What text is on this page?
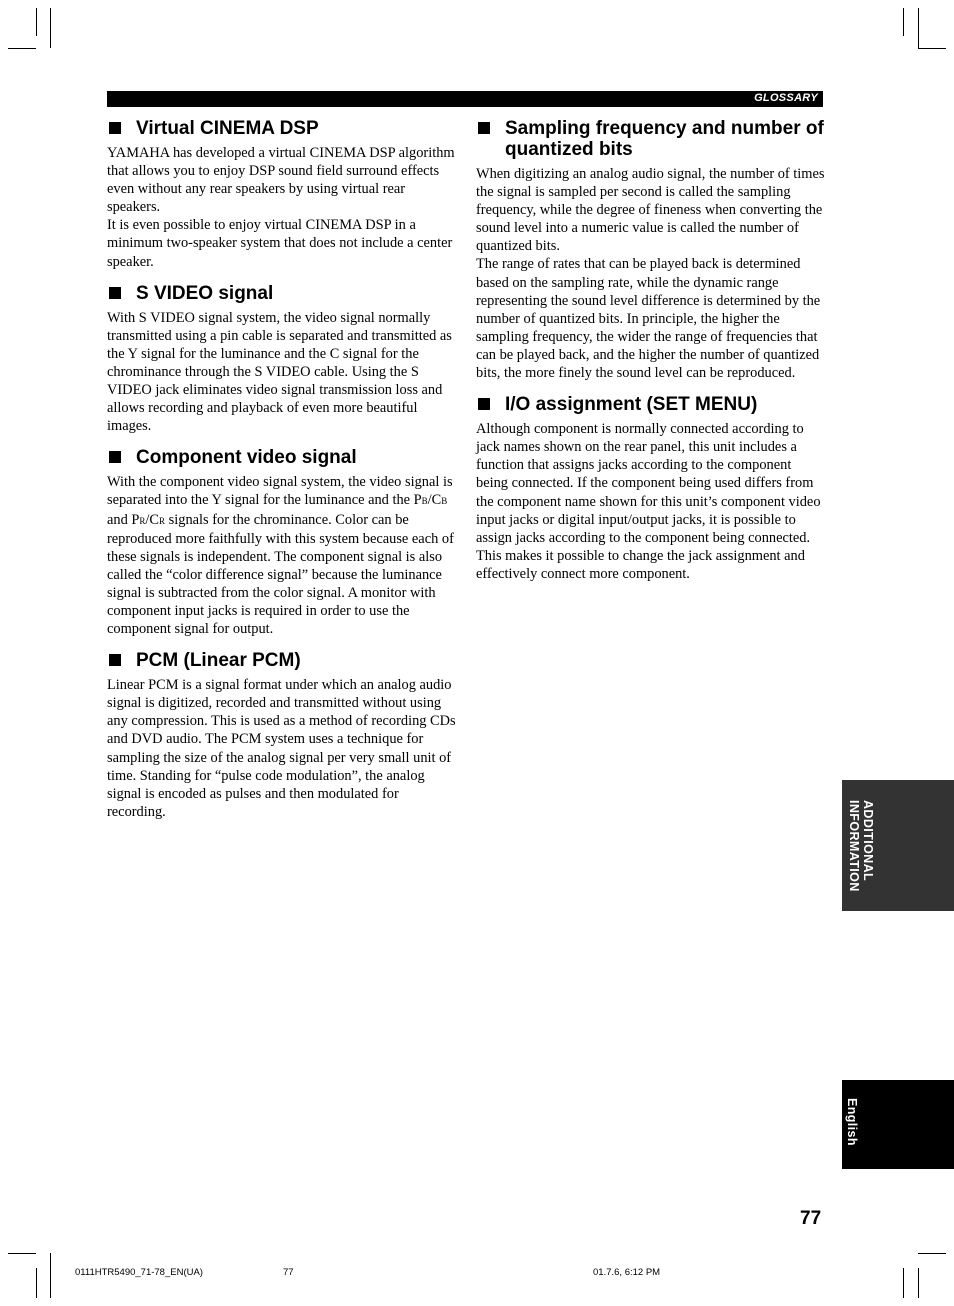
GLOSSARY
Virtual CINEMA DSP

YAMAHA has developed a virtual CINEMA DSP algorithm that allows you to enjoy DSP sound field surround effects even without any rear speakers by using virtual rear speakers.

It is even possible to enjoy virtual CINEMA DSP in a minimum two-speaker system that does not include a center speaker.

S VIDEO signal

With S VIDEO signal system, the video signal normally transmitted using a pin cable is separated and transmitted as the Y signal for the luminance and the C signal for the chrominance through the S VIDEO cable. Using the S VIDEO jack eliminates video signal transmission loss and allows recording and playback of even more beautiful images.

Component video signal

With the component video signal system, the video signal is separated into the Y signal for the luminance and the PB/CB and PR/CR signals for the chrominance. Color can be reproduced more faithfully with this system because each of these signals is independent. The component signal is also called the “color difference signal” because the luminance signal is subtracted from the color signal. A monitor with component input jacks is required in order to use the component signal for output.

PCM (Linear PCM)

Linear PCM is a signal format under which an analog audio signal is digitized, recorded and transmitted without using any compression. This is used as a method of recording CDs and DVD audio. The PCM system uses a technique for sampling the size of the analog signal per very small unit of time. Standing for “pulse code modulation”, the analog signal is encoded as pulses and then modulated for recording.

Sampling frequency and number of quantized bits

When digitizing an analog audio signal, the number of times the signal is sampled per second is called the sampling frequency, while the degree of fineness when converting the sound level into a numeric value is called the number of quantized bits.

The range of rates that can be played back is determined based on the sampling rate, while the dynamic range representing the sound level difference is determined by the number of quantized bits. In principle, the higher the sampling frequency, the wider the range of frequencies that can be played back, and the higher the number of quantized bits, the more finely the sound level can be reproduced.

I/O assignment (SET MENU)

Although component is normally connected according to jack names shown on the rear panel, this unit includes a function that assigns jacks according to the component being connected. If the component being used differs from the component name shown for this unit’s component video input jacks or digital input/output jacks, it is possible to assign jacks according to the component being connected. This makes it possible to change the jack assignment and effectively connect more component.

ADDITIONAL
INFORMATION
English
77
0111HTR5490_71-78_EN(UA)	77	01.7.6, 6:12 PM
